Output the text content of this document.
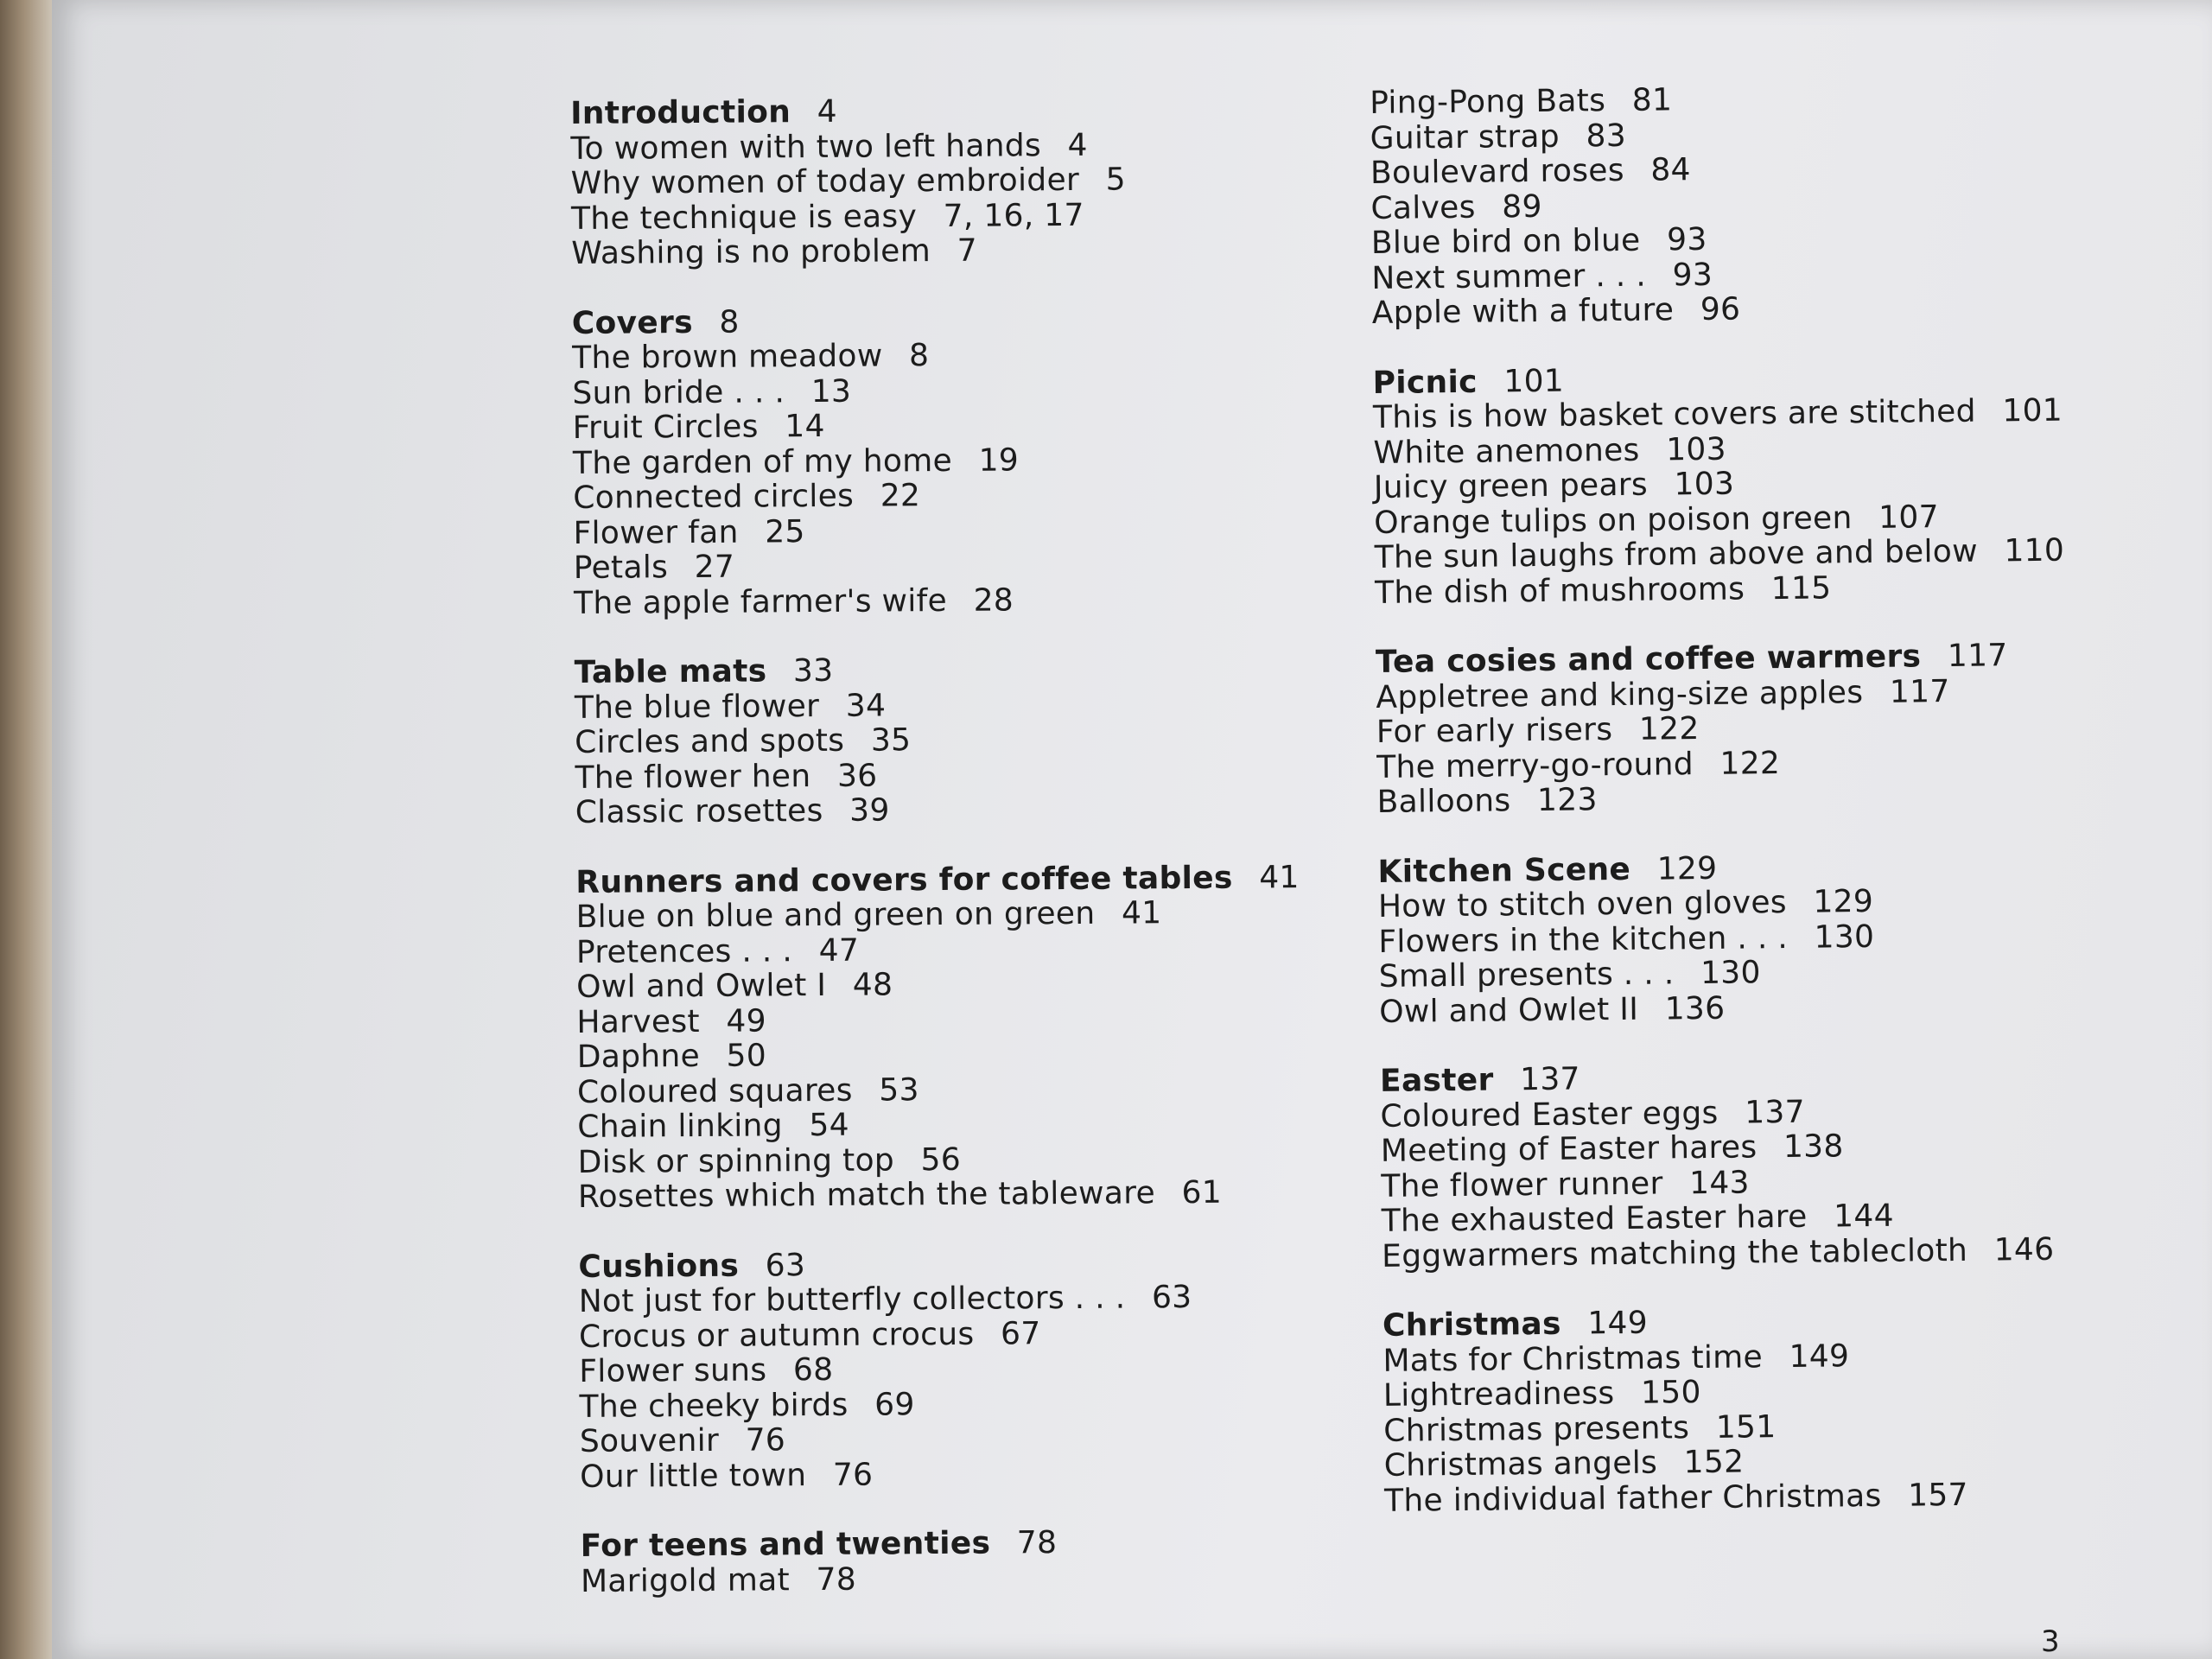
Introduction 4
To women with two left hands 4
Why women of today embroider 5
The technique is easy 7, 16, 17
Washing is no problem 7
Covers 8
The brown meadow 8
Sun bride . . . 13
Fruit Circles 14
The garden of my home 19
Connected circles 22
Flower fan 25
Petals 27
The apple farmer's wife 28
Table mats 33
The blue flower 34
Circles and spots 35
The flower hen 36
Classic rosettes 39
Runners and covers for coffee tables 41
Blue on blue and green on green 41
Pretences . . . 47
Owl and Owlet I 48
Harvest 49
Daphne 50
Coloured squares 53
Chain linking 54
Disk or spinning top 56
Rosettes which match the tableware 61
Cushions 63
Not just for butterfly collectors . . . 63
Crocus or autumn crocus 67
Flower suns 68
The cheeky birds 69
Souvenir 76
Our little town 76
For teens and twenties 78
Marigold mat 78
Ping-Pong Bats 81
Guitar strap 83
Boulevard roses 84
Calves 89
Blue bird on blue 93
Next summer . . . 93
Apple with a future 96
Picnic 101
This is how basket covers are stitched 101
White anemones 103
Juicy green pears 103
Orange tulips on poison green 107
The sun laughs from above and below 110
The dish of mushrooms 115
Tea cosies and coffee warmers 117
Appletree and king-size apples 117
For early risers 122
The merry-go-round 122
Balloons 123
Kitchen Scene 129
How to stitch oven gloves 129
Flowers in the kitchen . . . 130
Small presents . . . 130
Owl and Owlet II 136
Easter 137
Coloured Easter eggs 137
Meeting of Easter hares 138
The flower runner 143
The exhausted Easter hare 144
Eggwarmers matching the tablecloth 146
Christmas 149
Mats for Christmas time 149
Lightreadiness 150
Christmas presents 151
Christmas angels 152
The individual father Christmas 157
3
